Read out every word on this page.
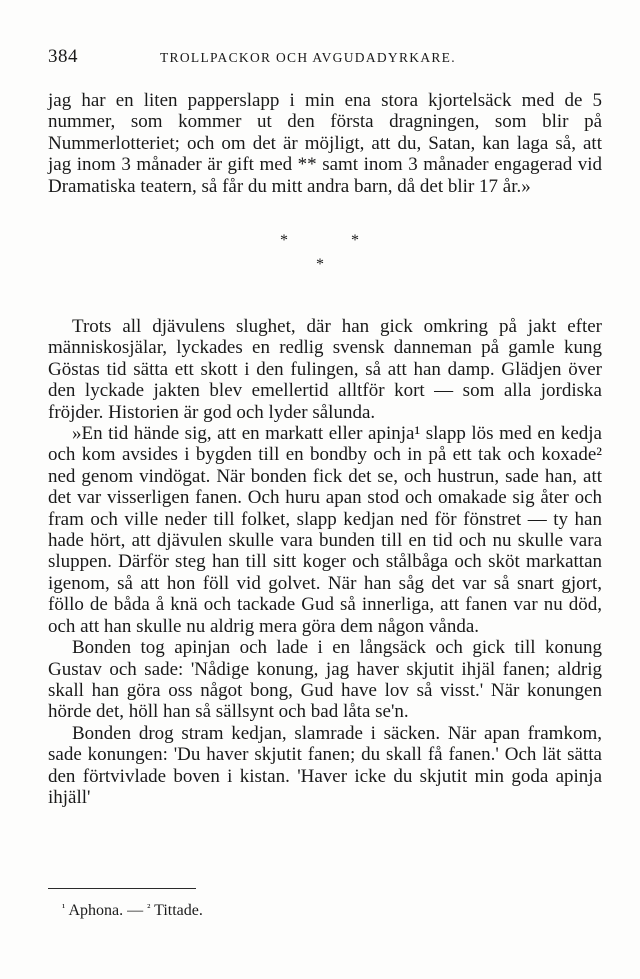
384	TROLLPACKOR OCH AVGUDADYRKARE.

jag har en liten papperslapp i min ena stora kjortelsäck med de 5 nummer, som kommer ut den första dragningen, som blir på Nummerlotteriet; och om det är möjligt, att du, Satan, kan laga så, att jag inom 3 månader är gift med ** samt inom 3 månader engagerad vid Dramatiska teatern, så får du mitt andra barn, då det blir 17 år.»

*	*
*

Trots all djävulens slughet, där han gick omkring på jakt efter människosjälar, lyckades en redlig svensk danneman på gamle kung Göstas tid sätta ett skott i den fulingen, så att han damp. Glädjen över den lyckade jakten blev emellertid alltför kort — som alla jordiska fröjder. Historien är god och lyder sålunda.

»En tid hände sig, att en markatt eller apinja¹ slapp lös med en kedja och kom avsides i bygden till en bondby och in på ett tak och koxade² ned genom vindögat. När bonden fick det se, och hustrun, sade han, att det var visserligen fanen. Och huru apan stod och omakade sig åter och fram och ville neder till folket, slapp kedjan ned för fönstret — ty han hade hört, att djävulen skulle vara bunden till en tid och nu skulle vara sluppen. Därför steg han till sitt koger och stålbåga och sköt markattan igenom, så att hon föll vid golvet. När han såg det var så snart gjort, föllo de båda å knä och tackade Gud så innerliga, att fanen var nu död, och att han skulle nu aldrig mera göra dem någon vånda.

Bonden tog apinjan och lade i en långsäck och gick till konung Gustav och sade: 'Nådige konung, jag haver skjutit ihjäl fanen; aldrig skall han göra oss något bong, Gud have lov så visst.' När konungen hörde det, höll han så sällsynt och bad låta se'n.

Bonden drog stram kedjan, slamrade i säcken. När apan framkom, sade konungen: 'Du haver skjutit fanen; du skall få fanen.' Och lät sätta den förtvivlade boven i kistan. 'Haver icke du skjutit min goda apinja ihjäll'

$^{^1}$ Aphona. — $^{^2}$ Tittade.
